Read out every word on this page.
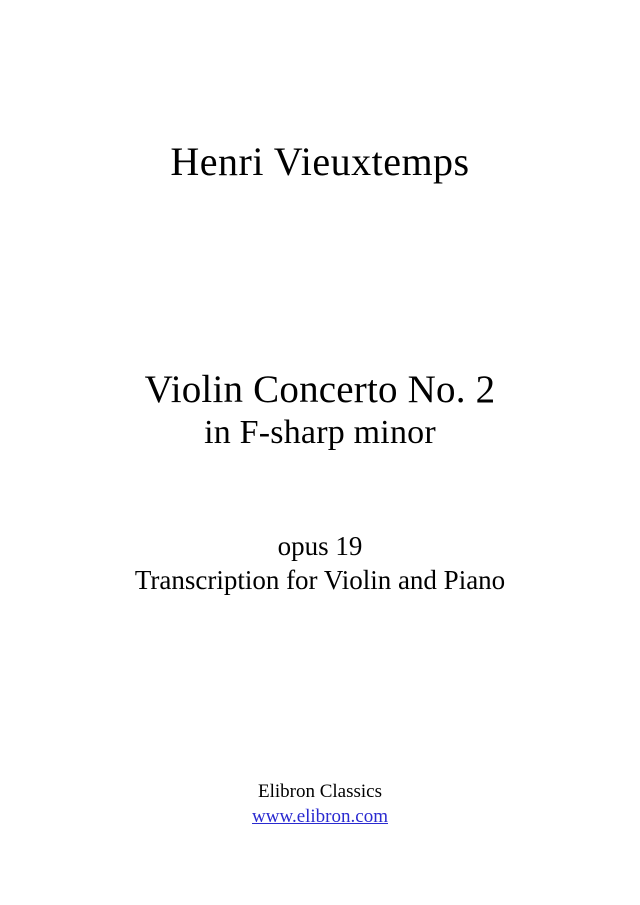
Henri Vieuxtemps
Violin Concerto No. 2
in F-sharp minor
opus 19
Transcription for Violin and Piano
Elibron Classics
www.elibron.com
